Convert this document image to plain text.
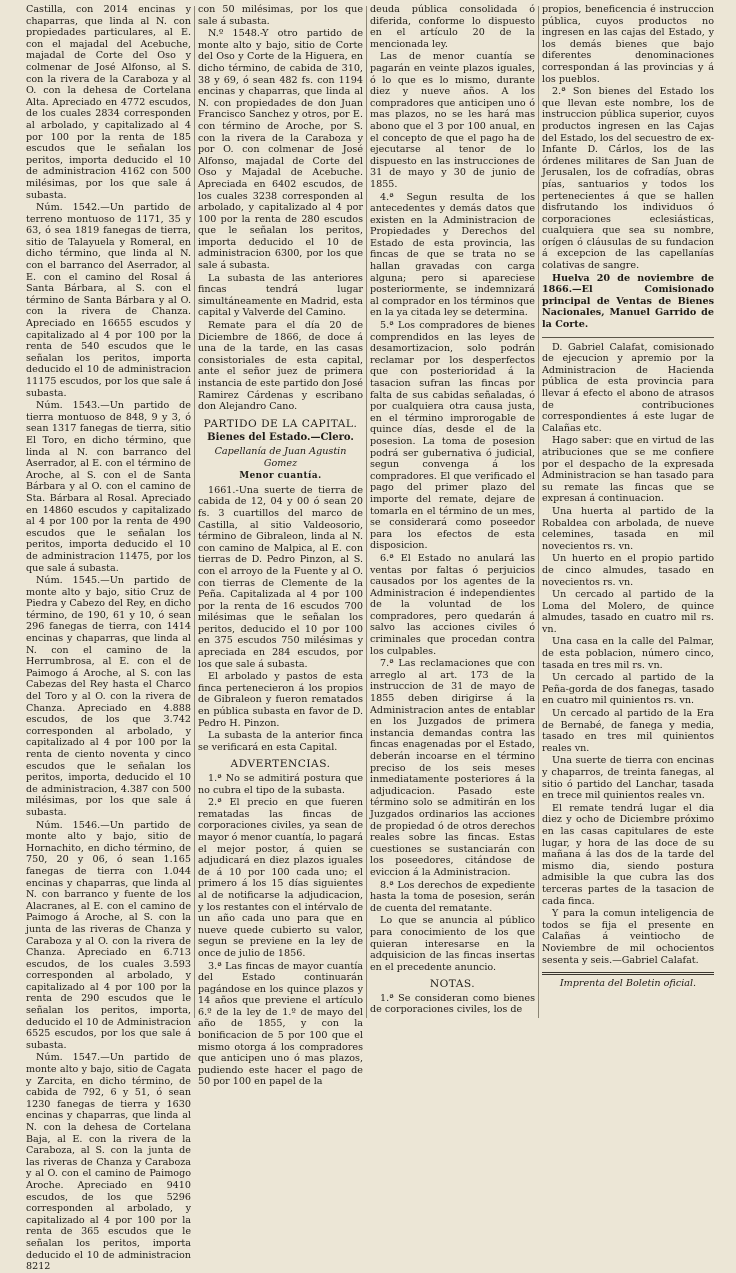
Castilla, con 2014 encinas y chaparras, que linda al N. con propiedades particulares, al E. con el majadal del Acebuche, majadal de Corte del Oso y colmenar de José Alfonso, al S. con la rivera de la Caraboza y al O. con la dehesa de Cortelana Alta. Apreciado en 4772 escudos, de los cuales 2834 corresponden al arbolado, y capitalizado al 4 por 100 por la renta de 185 escudos que le señalan los peritos, importa deducido el 10 de administracion 4162 con 500 milésimas, por los que sale á subasta.

Núm. 1542.—Un partido de terreno montuoso de 1171, 35 y 63, ó sea 1819 fanegas de tierra, sitio de Talayuela y Romeral, en dicho término, que linda al N. con el barranco del Aserrador, al E. con el camino del Rosal á Santa Bárbara, al S. con el término de Santa Bárbara y al O. con la rivera de Chanza. Apreciado en 16655 escudos y capitalizado al 4 por 100 por la renta de 540 escudos que le señalan los peritos, importa deducido el 10 de administracion 11175 escudos, por los que sale á subasta.

Núm. 1543.—Un partido de tierra montuoso de 848, 9 y 3, ó sean 1317 fanegas de tierra, sitio El Toro, en dicho término, que linda al N. con barranco del Aserrador, al E. con el término de Aroche, al S. con el de Santa Bárbara y al O. con el camino de Sta. Bárbara al Rosal. Apreciado en 14860 escudos y capitalizado al 4 por 100 por la renta de 490 escudos que le señalan los peritos, importa deducido el 10 de administracion 11475, por los que sale á subasta.

Núm. 1545.—Un partido de monte alto y bajo, sitio Cruz de Piedra y Cabezo del Rey, en dicho término, de 190, 61 y 10, ó sean 296 fanegas de tierra, con 1414 encinas y chaparras, que linda al N. con el camino de la Herrumbrosa, al E. con el de Paimogo á Aroche, al S. con las Cabezas del Rey hasta el Charco del Toro y al O. con la rivera de Chanza. Apreciado en 4.888 escudos, de los que 3.742 corresponden al arbolado, y capitalizado al 4 por 100 por la renta de ciento noventa y cinco escudos que le señalan los peritos, importa, deducido el 10 de administracion, 4.387 con 500 milésimas, por los que sale á subasta.

Núm. 1546.—Un partido de monte alto y bajo, sitio de Hornachito, en dicho término, de 750, 20 y 06, ó sean 1.165 fanegas de tierra con 1.044 encinas y chaparras, que linda al N. con barranco y fuente de los Alacranes, al E. con el camino de Paimogo á Aroche, al S. con la junta de las riveras de Chanza y Caraboza y al O. con la rivera de Chanza. Apreciado en 6.713 escudos, de los cuales 3.593 corresponden al arbolado, y capitalizado al 4 por 100 por la renta de 290 escudos que le señalan los peritos, importa, deducido el 10 de Administracion 6525 escudos, por los que sale á subasta.

Núm. 1547.—Un partido de monte alto y bajo, sitio de Cagata y Zarcita, en dicho término, de cabida de 792, 6 y 51, ó sean 1230 fanegas de tierra y 1630 encinas y chaparras, que linda al N. con la dehesa de Cortelana Baja, al E. con la rivera de la Caraboza, al S. con la junta de las riveras de Chanza y Caraboza y al O. con el camino de Paimogo Aroche. Apreciado en 9410 escudos, de los que 5296 corresponden al arbolado, y capitalizado al 4 por 100 por la renta de 365 escudos que le señalan los peritos, importa deducido el 10 de administracion 8212

con 50 milésimas, por los que sale á subasta.

N.º 1548.-Y otro partido de monte alto y bajo, sitio de Corte del Oso y Corte de la Higuera, en dicho término, de cabida de 310, 38 y 69, ó sean 482 fs. con 1194 encinas y chaparras, que linda al N. con propiedades de don Juan Francisco Sanchez y otros, por E. con término de Aroche, por S. con la rivera de la Caraboza y por O. con colmenar de José Alfonso, majadal de Corte del Oso y Majadal de Acebuche. Apreciada en 6402 escudos, de los cuales 3238 corresponden al arbolado, y capitalizado al 4 por 100 por la renta de 280 escudos que le señalan los peritos, importa deducido el 10 de administracion 6300, por los que sale á subasta.

La subasta de las anteriores fincas tendrá lugar simultáneamente en Madrid, esta capital y Valverde del Camino.

Remate para el día 20 de Diciembre de 1866, de doce á una de la tarde, en las casas consistoriales de esta capital, ante el señor juez de primera instancia de este partido don José Ramirez Cárdenas y escribano don Alejandro Cano.

PARTIDO DE LA CAPITAL.
Bienes del Estado.—Clero.

Capellanía de Juan Agustin Gomez

Menor cuantía.

1661.-Una suerte de tierra de cabida de 12, 04 y 00 ó sean 20 fs. 3 cuartillos del marco de Castilla, al sitio Valdeosorio, término de Gibraleon, linda al N. con camino de Malpica, al E. con tierras de D. Pedro Pinzon, al S. con el arroyo de la Fuente y al O. con tierras de Clemente de la Peña. Capitalizada al 4 por 100 por la renta de 16 escudos 700 milésimas que le señalan los peritos, deducido el 10 por 100 en 375 escudos 750 milésimas y apreciada en 284 escudos, por los que sale á subasta.

El arbolado y pastos de esta finca pertenecieron á los propios de Gibraleon y fueron rematados en pública subasta en favor de D. Pedro H. Pinzon.

La subasta de la anterior finca se verificará en esta Capital.

ADVERTENCIAS.

1.ª No se admitirá postura que no cubra el tipo de la subasta.

2.ª El precio en que fueren rematadas las fincas de corporaciones civiles, ya sean de mayor ó menor cuantía, lo pagará el mejor postor, á quien se adjudicará en diez plazos iguales de á 10 por 100 cada uno; el primero á los 15 días siguientes al de notificarse la adjudicacion, y los restantes con el intérvalo de un año cada uno para que en nueve quede cubierto su valor, segun se previene en la ley de once de julio de 1856.

3.ª Las fincas de mayor cuantía del Estado continuarán pagándose en los quince plazos y 14 años que previene el artículo 6.º de la ley de 1.º de mayo del año de 1855, y con la bonificacion de 5 por 100 que el mismo otorga á los compradores que anticipen uno ó mas plazos, pudiendo este hacer el pago de 50 por 100 en papel de la

deuda pública consolidada ó diferida, conforme lo dispuesto en el artículo 20 de la mencionada ley.

Las de menor cuantía se pagarán en veinte plazos iguales, ó lo que es lo mismo, durante diez y nueve años. A los compradores que anticipen uno ó mas plazos, no se les hará mas abono que el 3 por 100 anual, en el concepto de que el pago ha de ejecutarse al tenor de lo dispuesto en las instrucciones de 31 de mayo y 30 de junio de 1855.

4.ª Segun resulta de los antecedentes y demás datos que existen en la Administracion de Propiedades y Derechos del Estado de esta provincia, las fincas de que se trata no se hallan gravadas con carga alguna; pero si apareciese posteriormente, se indemnizará al comprador en los términos que en la ya citada ley se determina.

5.ª Los compradores de bienes comprendidos en las leyes de desamortizacion, solo podrán reclamar por los desperfectos que con posterioridad á la tasacion sufran las fincas por falta de sus cabidas señaladas, ó por cualquiera otra causa justa, en el término improrogable de quince días, desde el de la posesion. La toma de posesion podrá ser gubernativa ó judicial, segun convenga á los compradores. El que verificado el pago del primer plazo del importe del remate, dejare de tomarla en el término de un mes, se considerará como poseedor para los efectos de esta disposicion.

6.ª El Estado no anulará las ventas por faltas ó perjuicios causados por los agentes de la Administracion é independientes de la voluntad de los compradores, pero quedarán á salvo las acciones civiles ó criminales que procedan contra los culpables.

7.ª Las reclamaciones que con arreglo al art. 173 de la instruccion de 31 de mayo de 1855 deben dirigirse á la Administracion antes de entablar en los Juzgados de primera instancia demandas contra las fincas enagenadas por el Estado, deberán incoarse en el término preciso de los seis meses inmediatamente posteriores á la adjudicacion. Pasado este término solo se admitirán en los Juzgados ordinarios las acciones de propiedad ó de otros derechos reales sobre las fincas. Estas cuestiones se sustanciarán con los poseedores, citándose de eviccion á la Administracion.

8.ª Los derechos de expediente hasta la toma de posesion, serán de cuenta del rematante.

Lo que se anuncia al público para conocimiento de los que quieran interesarse en la adquisicion de las fincas insertas en el precedente anuncio.

NOTAS.

1.ª Se consideran como bienes de corporaciones civiles, los de

propios, beneficencia é instruccion pública, cuyos productos no ingresen en las cajas del Estado, y los demás bienes que bajo diferentes denominaciones correspondan á las provincias y á los pueblos.

2.ª Son bienes del Estado los que llevan este nombre, los de instruccion pública superior, cuyos productos ingresen en las Cajas del Estado, los del secuestro de ex-Infante D. Cárlos, los de las órdenes militares de San Juan de Jerusalen, los de cofradías, obras pías, santuarios y todos los pertenecientes á que se hallen disfrutando los individuos ó corporaciones eclesiásticas, cualquiera que sea su nombre, orígen ó cláusulas de su fundacion á excepcion de las capellanías colativas de sangre.

Huelva 20 de noviembre de 1866.—El Comisionado principal de Ventas de Bienes Nacionales, Manuel Garrido de la Corte.

D. Gabriel Calafat, comisionado de ejecucion y apremio por la Administracion de Hacienda pública de esta provincia para llevar á efecto el abono de atrasos de contribuciones correspondientes á este lugar de Calañas etc.

Hago saber: que en virtud de las atribuciones que se me confiere por el despacho de la expresada Administracion se han tasado para su remate las fincas que se expresan á continuacion.

Una huerta al partido de la Robaldea con arbolada, de nueve celemines, tasada en mil novecientos rs. vn.

Un huerto en el propio partido de cinco almudes, tasado en novecientos rs. vn.

Un cercado al partido de la Loma del Molero, de quince almudes, tasado en cuatro mil rs. vn.

Una casa en la calle del Palmar, de esta poblacion, número cinco, tasada en tres mil rs. vn.

Un cercado al partido de la Peña-gorda de dos fanegas, tasado en cuatro mil quinientos rs. vn.

Un cercado al partido de la Era de Bernabé, de fanega y media, tasado en tres mil quinientos reales vn.

Una suerte de tierra con encinas y chaparros, de treinta fanegas, al sitio ó partido del Lanchar, tasada en trece mil quinientos reales vn.

El remate tendrá lugar el dia diez y ocho de Diciembre próximo en las casas capitulares de este lugar, y hora de las doce de su mañana á las dos de la tarde del mismo dia, siendo postura admisible la que cubra las dos terceras partes de la tasacion de cada finca.

Y para la comun inteligencia de todos se fija el presente en Calañas á veintiocho de Noviembre de mil ochocientos sesenta y seis.—Gabriel Calafat.

Imprenta del Boletin oficial.
